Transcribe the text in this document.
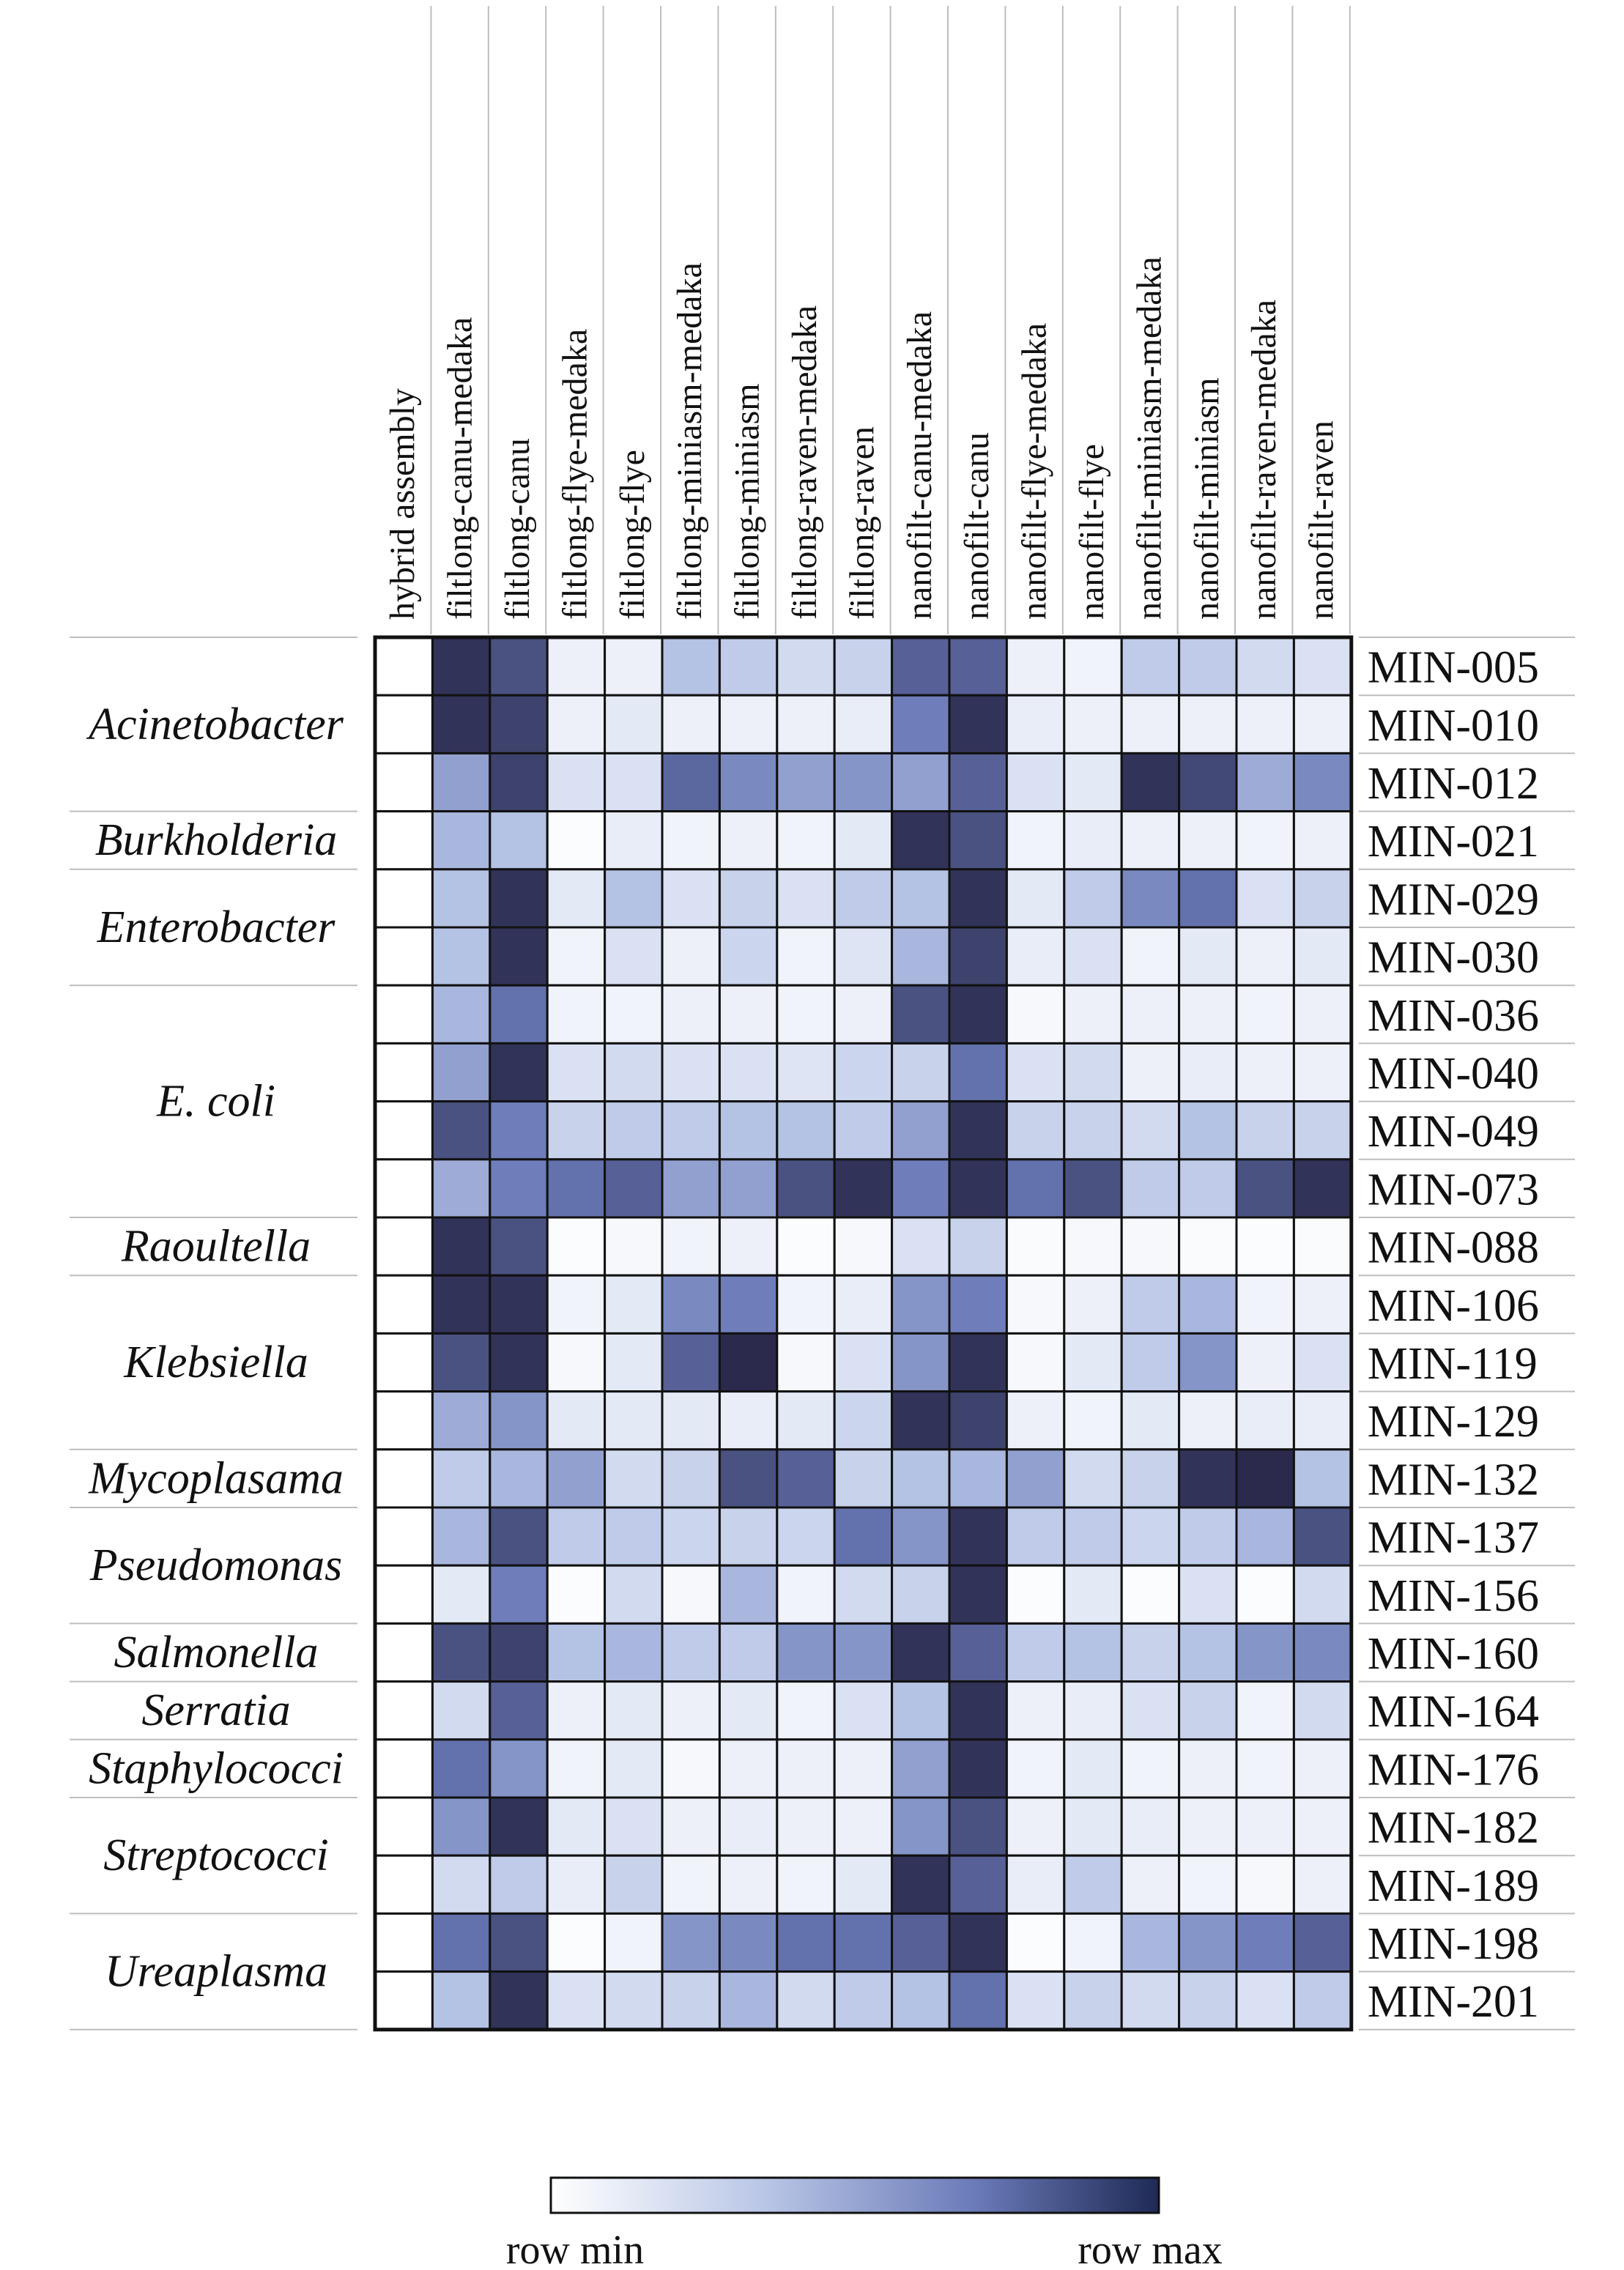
hybrid assembly filtlong-canu-medaka filtlong-canu filtlong-flye-medaka filtlong-flye filtlong-miniasm-medaka filtlong-miniasm filtlong-raven-medaka filtlong-raven nanofilt-canu-medaka nanofilt-canu nanofilt-flye-medaka nanofilt-flye nanofilt-miniasm-medaka nanofilt-miniasm nanofilt-raven-medaka nanofilt-raven
Acinetobacter
Burkholderia
Enterobacter
E. coli
Raoultella
Klebsiella
Mycoplasama
Pseudomonas
Salmonella
Serratia
Staphylococci
Streptococci
Ureaplasma
MIN-005
MIN-010
MIN-012
MIN-021
MIN-029
MIN-030
MIN-036
MIN-040
MIN-049
MIN-073
MIN-088
MIN-106
MIN-119
MIN-129
MIN-132
MIN-137
MIN-156
MIN-160
MIN-164
MIN-176
MIN-182
MIN-189
MIN-198
MIN-201
row min	row max
